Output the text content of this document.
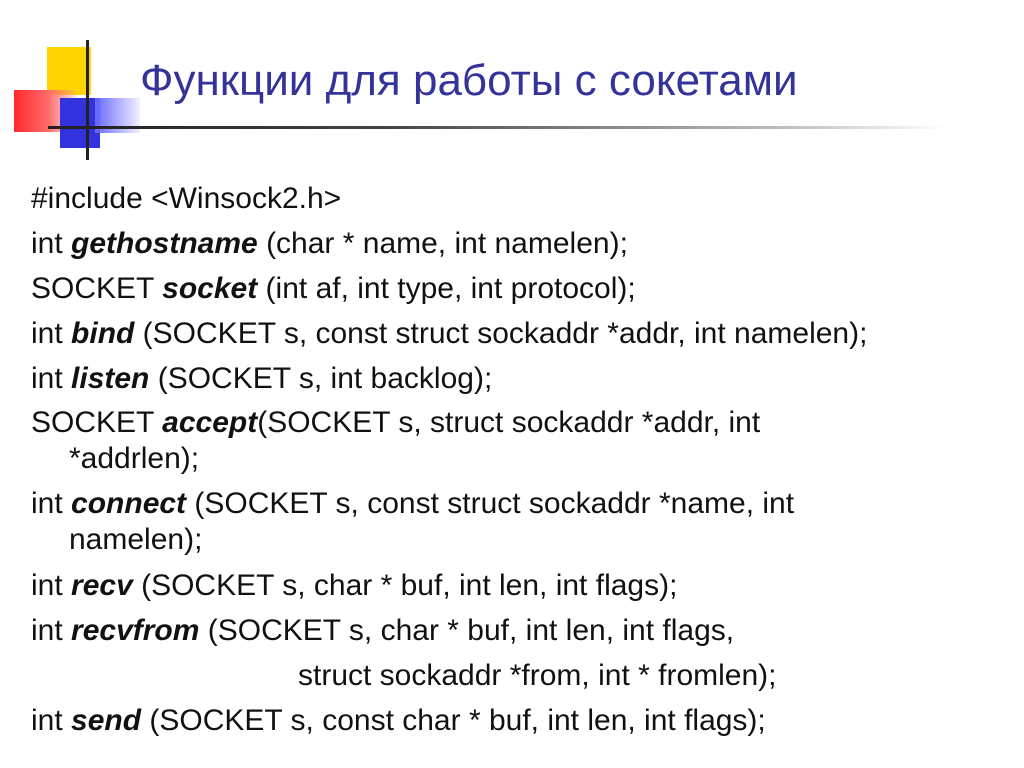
Функции для работы с сокетами
#include <Winsock2.h>
int gethostname (char * name, int namelen);
SOCKET socket (int af, int type, int protocol);
int bind (SOCKET s, const struct sockaddr *addr, int namelen);
int listen (SOCKET s, int backlog);
SOCKET accept(SOCKET s, struct sockaddr *addr, int
*addrlen);
int connect (SOCKET s, const struct sockaddr *name, int
namelen);
int recv (SOCKET s, char * buf, int len, int flags);
int recvfrom (SOCKET s, char * buf, int len, int flags,
struct sockaddr *from, int * fromlen);
int send (SOCKET s, const char * buf, int len, int flags);
